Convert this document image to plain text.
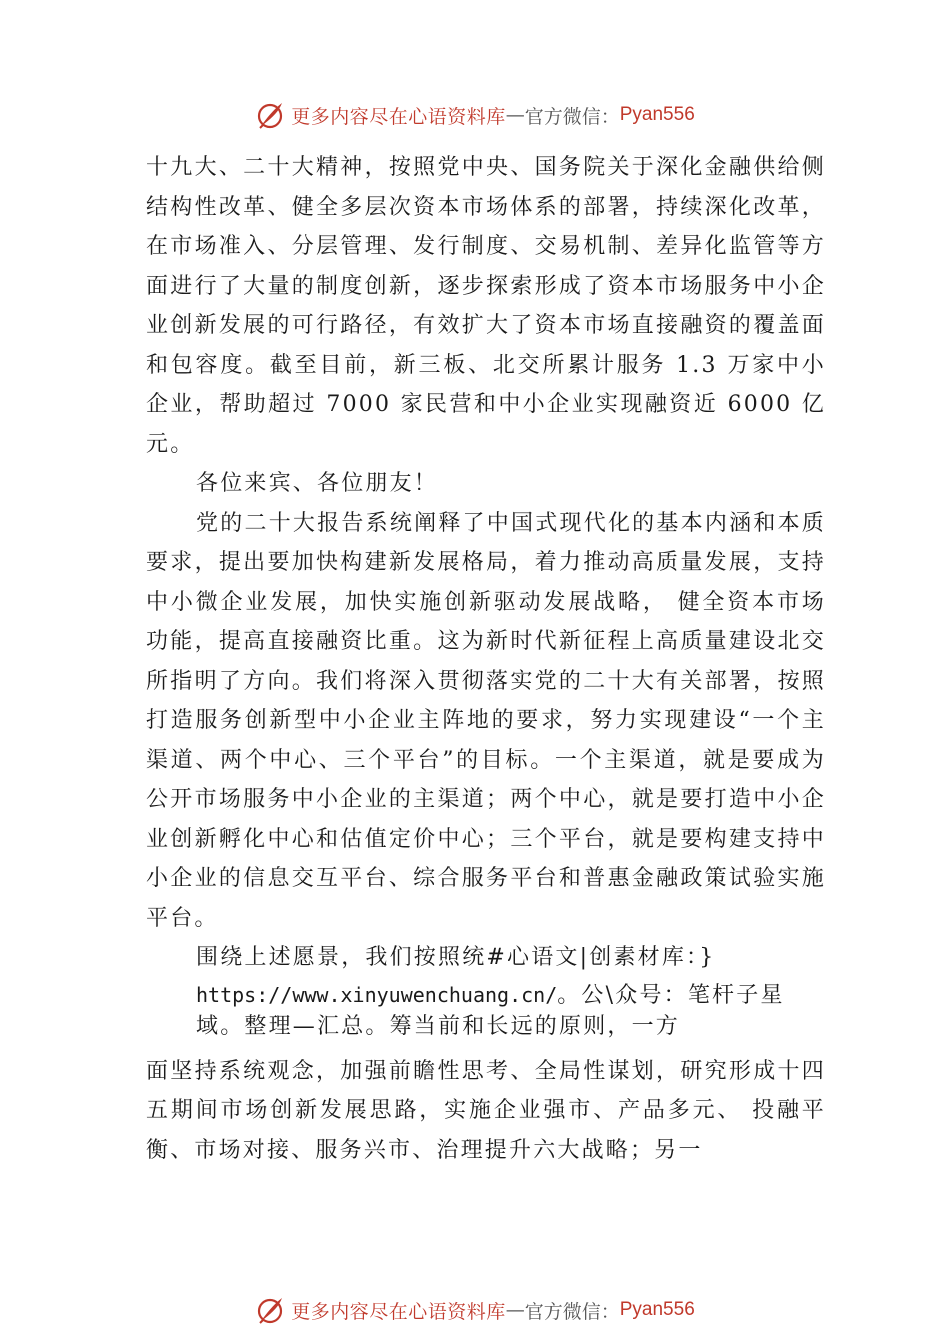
更多内容尽在心语资料库 — 官方微信： Pyan556

十九大、二十大精神，按照党中央、国务院关于深化金融供给侧结构性改革、健全多层次资本市场体系的部署，持续深化改革，在市场准入、分层管理、发行制度、交易机制、差异化监管等方面进行了大量的制度创新，逐步探索形成了资本市场服务中小企业创新发展的可行路径，有效扩大了资本市场直接融资的覆盖面和包容度。截至目前，新三板、北交所累计服务 1.3 万家中小企业，帮助超过 7000 家民营和中小企业实现融资近 6000 亿元。

各位来宾、各位朋友！

党的二十大报告系统阐释了中国式现代化的基本内涵和本质要求，提出要加快构建新发展格局，着力推动高质量发展，支持中小微企业发展，加快实施创新驱动发展战略， 健全资本市场功能，提高直接融资比重。这为新时代新征程上高质量建设北交所指明了方向。我们将深入贯彻落实党的二十大有关部署，按照打造服务创新型中小企业主阵地的要求，努力实现建设“一个主渠道、两个中心、三个平台”的目标。一个主渠道，就是要成为公开市场服务中小企业的主渠道；两个中心，就是要打造中小企业创新孵化中心和估值定价中心；三个平台，就是要构建支持中小企业的信息交互平台、综合服务平台和普惠金融政策试验实施平台。

围绕上述愿景，我们按照统#心语文|创素材库：}

https://www.xinyuwenchuang.cn/。公\众号：笔杆子星域。整理—汇总。筹当前和长远的原则，一方

面坚持系统观念，加强前瞻性思考、全局性谋划，研究形成十四五期间市场创新发展思路，实施企业强市、产品多元、 投融平衡、市场对接、服务兴市、治理提升六大战略；另一

更多内容尽在心语资料库 — 官方微信： Pyan556
